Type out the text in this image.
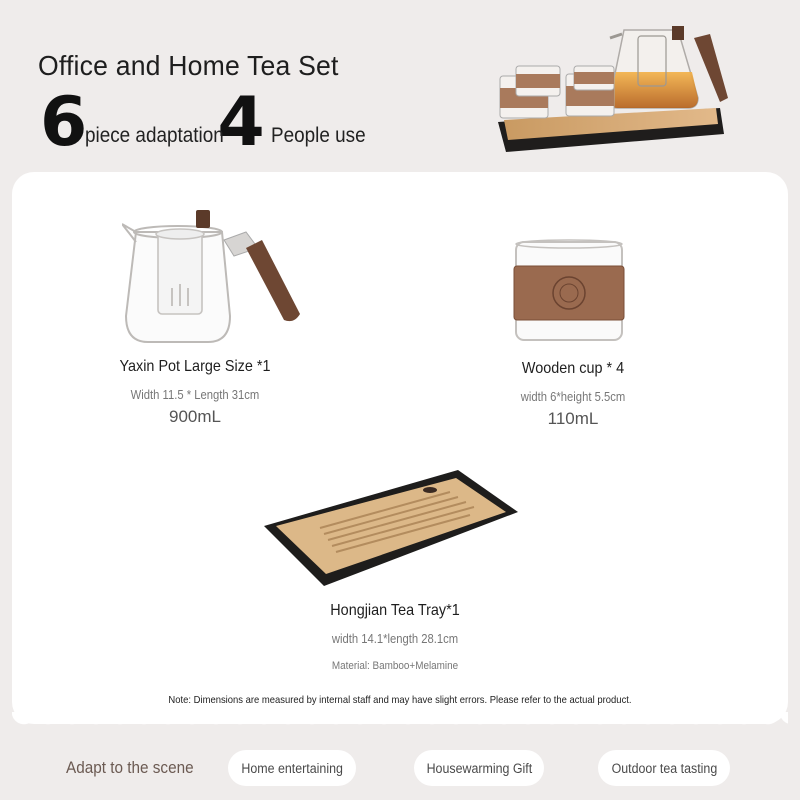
Office and Home Tea Set
6 piece adaptation
4 People use
Yaxin Pot Large Size *1
Width 11.5 * Length 31cm
900mL
Wooden cup * 4
width 6*height 5.5cm
110mL
Hongjian Tea Tray*1
width 14.1*length 28.1cm
Material: Bamboo+Melamine
Note: Dimensions are measured by internal staff and may have slight errors. Please refer to the actual product.
Adapt to the scene	Home entertaining	Housewarming Gift	Outdoor tea tasting
